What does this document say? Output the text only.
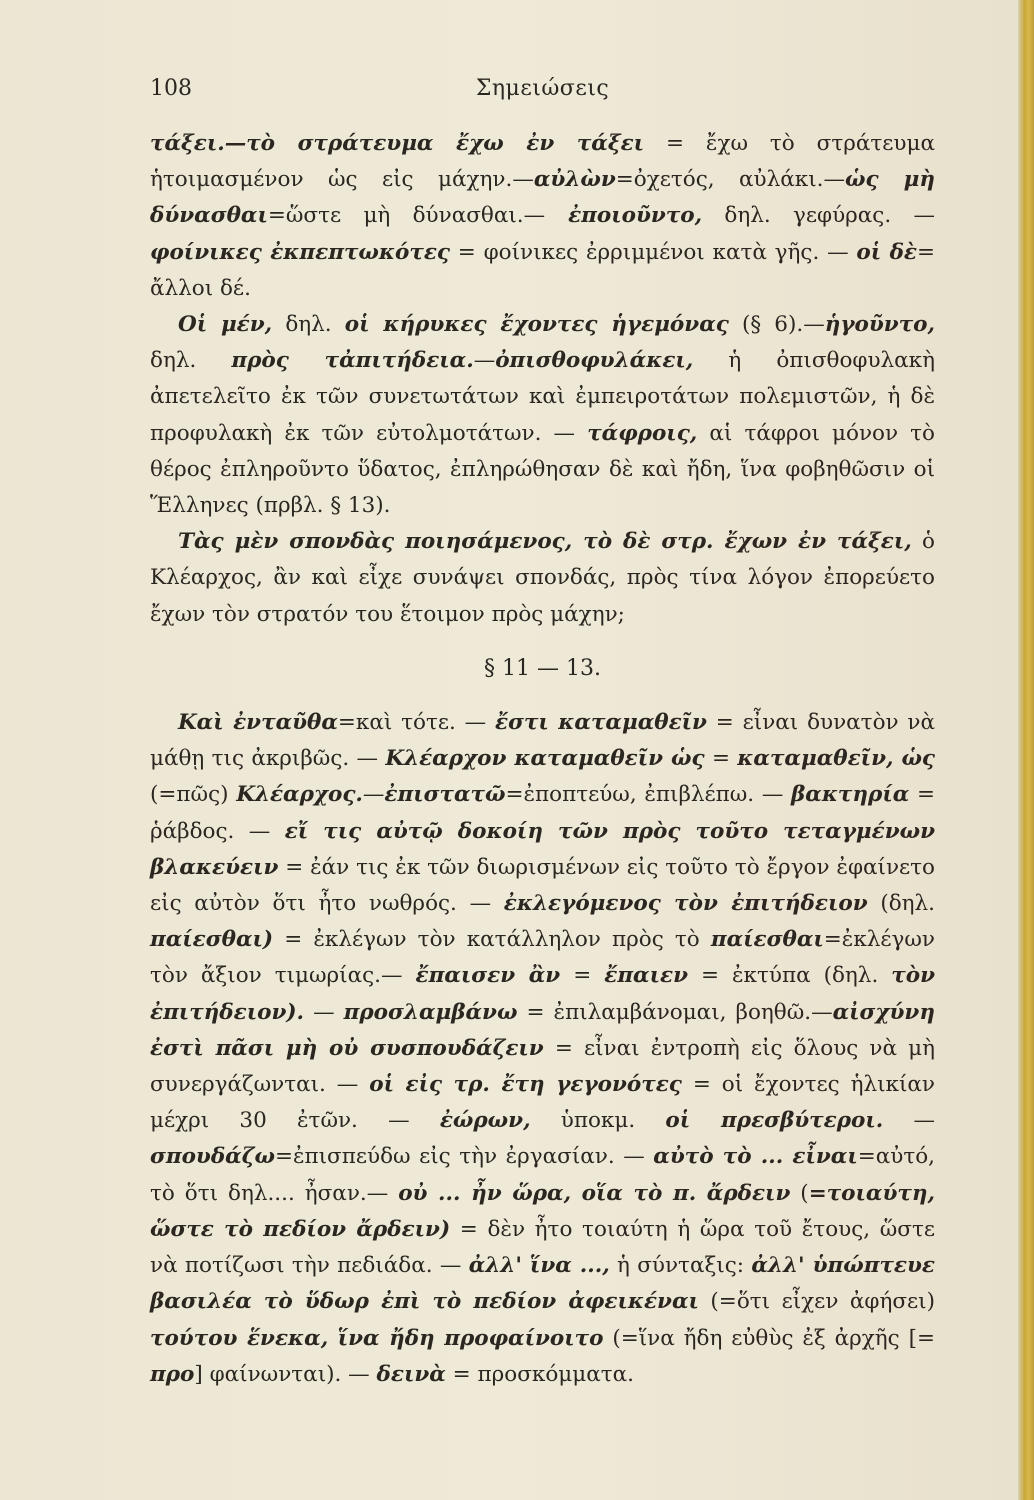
108	Σημειώσεις

τάξει.—τὸ στράτευμα ἔχω ἐν τάξει = ἔχω τὸ στράτευμα ἡτοιμασμένον ὡς εἰς μάχην.—αὐλὼν=ὀχετός, αὐλάκι.—ὡς μὴ δύνασθαι=ὥστε μὴ δύνασθαι.— ἐποιοῦντο, δηλ. γεφύρας. — φοίνικες ἐκπεπτωκότες = φοίνικες ἐρριμμένοι κατὰ γῆς. — οἱ δὲ= ἄλλοι δέ.

Οἱ μέν, δηλ. οἱ κήρυκες ἔχοντες ἡγεμόνας (§ 6).—ἡγοῦντο, δηλ. πρὸς τἀπιτήδεια.—ὀπισθοφυλάκει, ἡ ὀπισθοφυλακὴ ἀπετελεῖτο ἐκ τῶν συνετωτάτων καὶ ἐμπειροτάτων πολεμιστῶν, ἡ δὲ προφυλακὴ ἐκ τῶν εὐτολμοτάτων. — τάφροις, αἱ τάφροι μόνον τὸ θέρος ἐπληροῦντο ὕδατος, ἐπληρώθησαν δὲ καὶ ἤδη, ἵνα φοβηθῶσιν οἱ Ἕλληνες (πρβλ. § 13).

Τὰς μὲν σπονδὰς ποιησάμενος, τὸ δὲ στρ. ἔχων ἐν τάξει, ὁ Κλέαρχος, ἂν καὶ εἶχε συνάψει σπονδάς, πρὸς τίνα λόγον ἐπορεύετο ἔχων τὸν στρατόν του ἕτοιμον πρὸς μάχην;

§ 11 — 13.

Καὶ ἐνταῦθα=καὶ τότε. — ἔστι καταμαθεῖν = εἶναι δυνατὸν νὰ μάθῃ τις ἀκριβῶς. — Κλέαρχον καταμαθεῖν ὡς = καταμαθεῖν, ὡς (=πῶς) Κλέαρχος.—ἐπιστατῶ=ἐποπτεύω, ἐπιβλέπω. — βακτηρία = ῥάβδος. — εἴ τις αὐτῷ δοκοίη τῶν πρὸς τοῦτο τεταγμένων βλακεύειν = ἐάν τις ἐκ τῶν διωρισμένων εἰς τοῦτο τὸ ἔργον ἐφαίνετο εἰς αὐτὸν ὅτι ἦτο νωθρός. — ἐκλεγόμενος τὸν ἐπιτήδειον (δηλ. παίεσθαι) = ἐκλέγων τὸν κατάλληλον πρὸς τὸ παίεσθαι=ἐκλέγων τὸν ἄξιον τιμωρίας.— ἔπαισεν ἂν = ἔπαιεν = ἐκτύπα (δηλ. τὸν ἐπιτήδειον). — προσλαμβάνω = ἐπιλαμβάνομαι, βοηθῶ.—αἰσχύνη ἐστὶ πᾶσι μὴ οὐ συσπουδάζειν = εἶναι ἐντροπὴ εἰς ὅλους νὰ μὴ συνεργάζωνται. — οἱ εἰς τρ. ἔτη γεγονότες = οἱ ἔχοντες ἡλικίαν μέχρι 30 ἐτῶν. — ἐώρων, ὑποκμ. οἱ πρεσβύτεροι. — σπουδάζω=ἐπισπεύδω εἰς τὴν ἐργασίαν. — αὐτὸ τὸ ... εἶναι=αὐτό, τὸ ὅτι δηλ.... ἦσαν.— οὐ ... ἦν ὥρα, οἵα τὸ π. ἄρδειν (=τοιαύτη, ὥστε τὸ πεδίον ἄρδειν) = δὲν ἦτο τοιαύτη ἡ ὥρα τοῦ ἔτους, ὥστε νὰ ποτίζωσι τὴν πεδιάδα. — ἀλλ' ἵνα ..., ἡ σύνταξις: ἀλλ' ὑπώπτευε βασιλέα τὸ ὕδωρ ἐπὶ τὸ πεδίον ἀφεικέναι (=ὅτι εἶχεν ἀφήσει) τούτου ἕνεκα, ἵνα ἤδη προφαίνοιτο (=ἵνα ἤδη εὐθὺς ἐξ ἀρχῆς [= προ] φαίνωνται). — δεινὰ = προσκόμματα.
